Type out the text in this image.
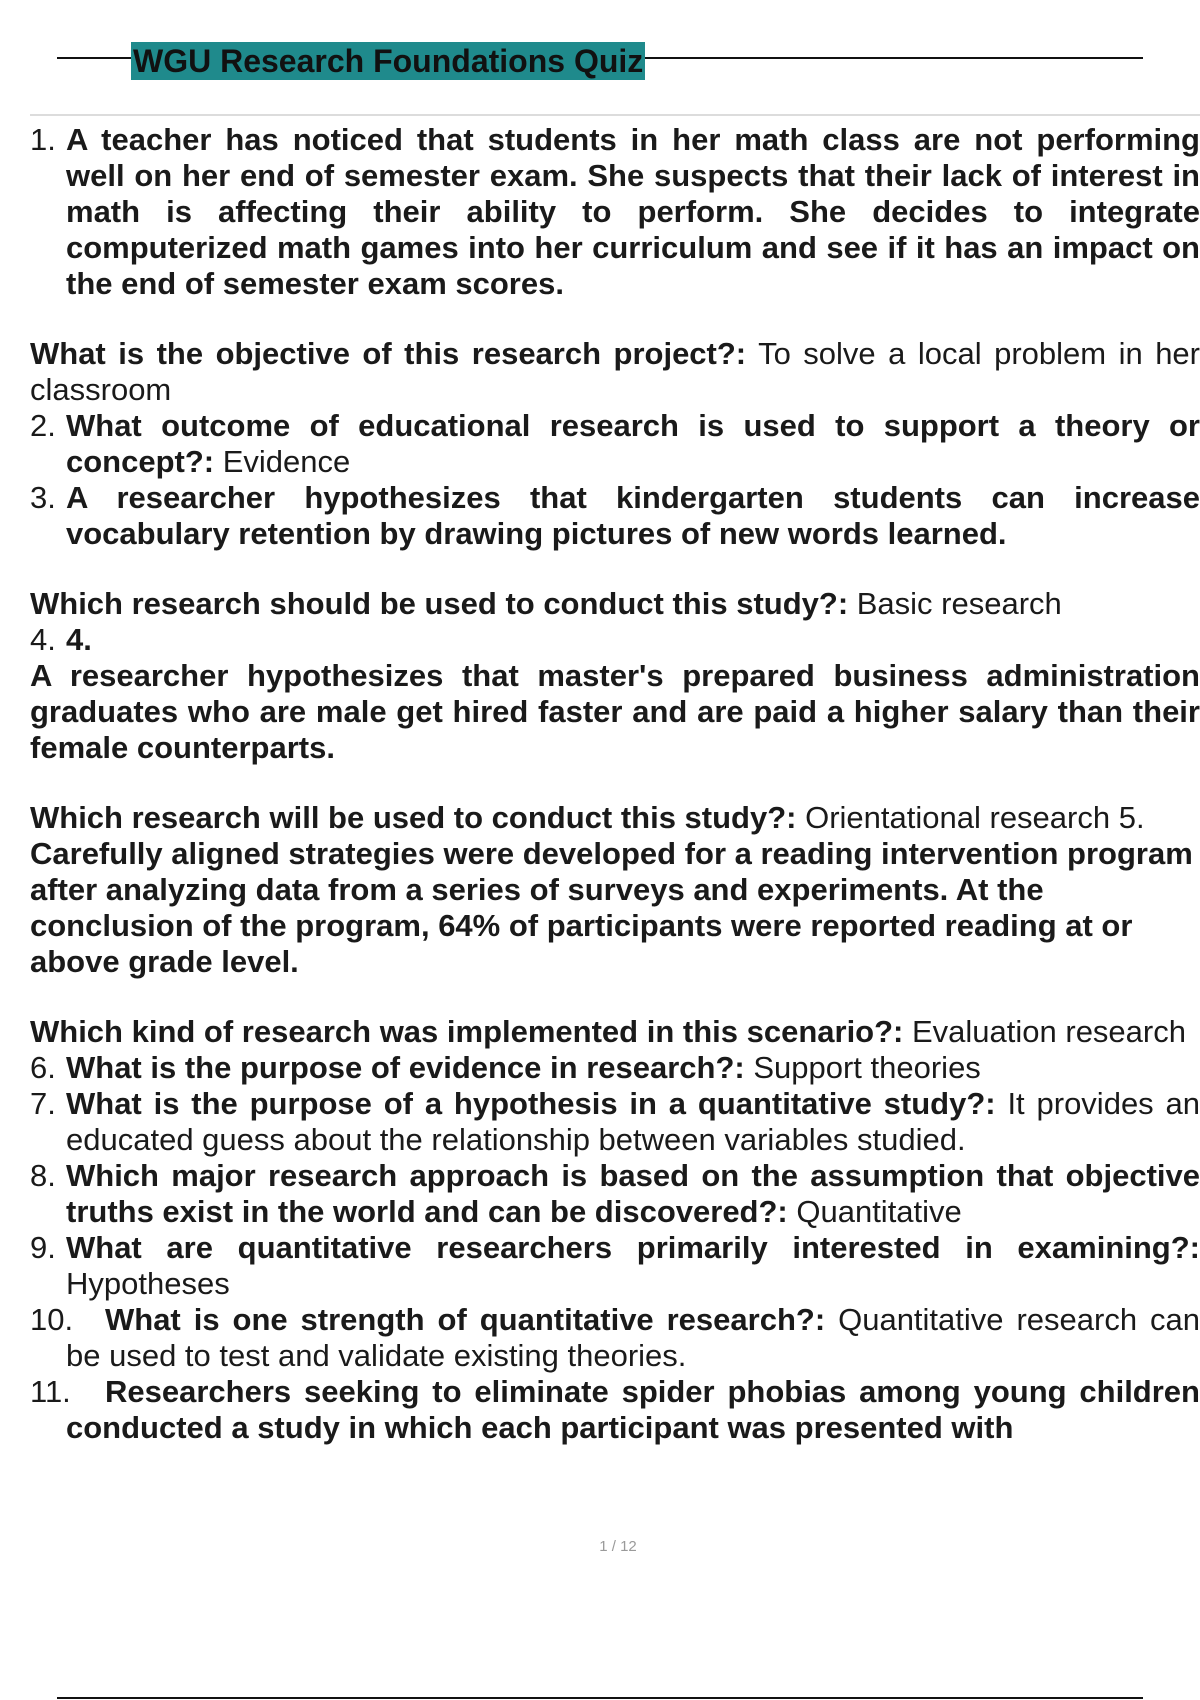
WGU Research Foundations Quiz
1. A teacher has noticed that students in her math class are not performing well on her end of semester exam. She suspects that their lack of interest in math is affecting their ability to perform. She decides to integrate computerized math games into her curriculum and see if it has an impact on the end of semester exam scores.
What is the objective of this research project?: To solve a local problem in her classroom
2. What outcome of educational research is used to support a theory or concept?: Evidence
3. A researcher hypothesizes that kindergarten students can increase vocabulary retention by drawing pictures of new words learned.
Which research should be used to conduct this study?: Basic research
4. 4.
A researcher hypothesizes that master's prepared business administration graduates who are male get hired faster and are paid a higher salary than their female counterparts.
Which research will be used to conduct this study?: Orientational research 5.
Carefully aligned strategies were developed for a reading intervention program after analyzing data from a series of surveys and experiments. At the conclusion of the program, 64% of participants were reported reading at or above grade level.
Which kind of research was implemented in this scenario?: Evaluation research
6. What is the purpose of evidence in research?: Support theories
7. What is the purpose of a hypothesis in a quantitative study?: It provides an educated guess about the relationship between variables studied.
8. Which major research approach is based on the assumption that objective truths exist in the world and can be discovered?: Quantitative
9. What are quantitative researchers primarily interested in examining?: Hypotheses
10.	What is one strength of quantitative research?: Quantitative research can be used to test and validate existing theories.
11.	Researchers seeking to eliminate spider phobias among young children conducted a study in which each participant was presented with
1 / 12
